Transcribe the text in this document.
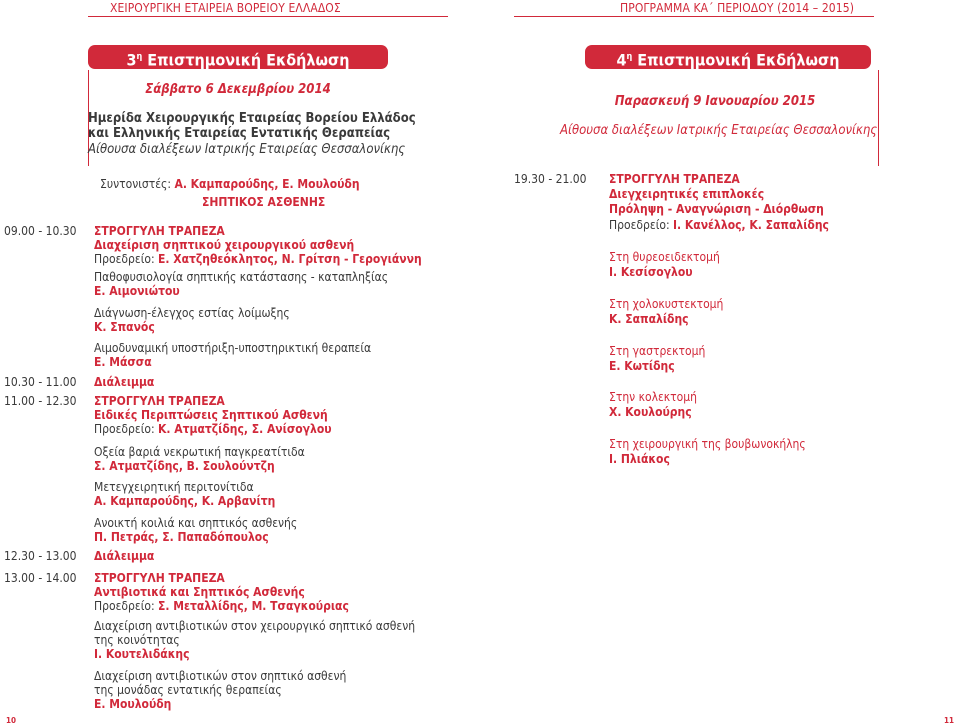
ΧΕΙΡΟΥΡΓΙΚΗ ΕΤΑΙΡΕΙΑ ΒΟΡΕΙΟΥ ΕΛΛΑΔΟΣ	ΠΡΟΓΡΑΜΜΑ ΚΑ΄ ΠΕΡΙΟΔΟΥ (2014 – 2015)
$3^\eta$ Επιστημονική Εκδήλωση
Σάββατο 6 Δεκεμβρίου 2014
Ημερίδα Χειρουργικής Εταιρείας Βορείου Ελλάδος
και Ελληνικής Εταιρείας Εντατικής Θεραπείας
Αίθουσα διαλέξεων Ιατρικής Εταιρείας Θεσσαλονίκης
Συντονιστές: Α. Καμπαρούδης, Ε. Μουλούδη
ΣΗΠΤΙΚΟΣ ΑΣΘΕΝΗΣ
09.00 - 10.30 ΣΤΡΟΓΓΥΛΗ ΤΡΑΠΕΖΑ
Διαχείριση σηπτικού χειρουργικού ασθενή
Προεδρείο: Ε. Χατζηθεόκλητος, Ν. Γρίτση - Γερογιάννη
Παθοφυσιολογία σηπτικής κατάστασης - καταπληξίας
Ε. Αιμονιώτου
Διάγνωση-έλεγχος εστίας λοίμωξης
Κ. Σπανός
Αιμοδυναμική υποστήριξη-υποστηρικτική θεραπεία
Ε. Μάσσα
10.30 - 11.00 Διάλειμμα
11.00 - 12.30 ΣΤΡΟΓΓΥΛΗ ΤΡΑΠΕΖΑ
Ειδικές Περιπτώσεις Σηπτικού Ασθενή
Προεδρείο: Κ. Ατματζίδης, Σ. Ανίσογλου
Οξεία βαριά νεκρωτική παγκρεατίτιδα
Σ. Ατματζίδης, Β. Σουλούντζη
Μετεγχειρητική περιτονίτιδα
Α. Καμπαρούδης, Κ. Αρβανίτη
Ανοικτή κοιλιά και σηπτικός ασθενής
Π. Πετράς, Σ. Παπαδόπουλος
12.30 - 13.00 Διάλειμμα
13.00 - 14.00 ΣΤΡΟΓΓΥΛΗ ΤΡΑΠΕΖΑ
Αντιβιοτικά και Σηπτικός Ασθενής
Προεδρείο: Σ. Μεταλλίδης, Μ. Τσαγκούριας
Διαχείριση αντιβιοτικών στον χειρουργικό σηπτικό ασθενή
της κοινότητας
Ι. Κουτελιδάκης
Διαχείριση αντιβιοτικών στον σηπτικό ασθενή
της μονάδας εντατικής θεραπείας
Ε. Μουλούδη
10
$4^\eta$ Επιστημονική Εκδήλωση
Παρασκευή 9 Ιανουαρίου 2015
Αίθουσα διαλέξεων Ιατρικής Εταιρείας Θεσσαλονίκης
19.30 - 21.00 ΣΤΡΟΓΓΥΛΗ ΤΡΑΠΕΖΑ
Διεγχειρητικές επιπλοκές
Πρόληψη - Αναγνώριση - Διόρθωση
Προεδρείο: Ι. Κανέλλος, Κ. Σαπαλίδης
Στη θυρεοειδεκτομή
Ι. Κεσίσογλου
Στη χολοκυστεκτομή
Κ. Σαπαλίδης
Στη γαστρεκτομή
Ε. Κωτίδης
Στην κολεκτομή
Χ. Κουλούρης
Στη χειρουργική της βουβωνοκήλης
Ι. Πλιάκος
11
